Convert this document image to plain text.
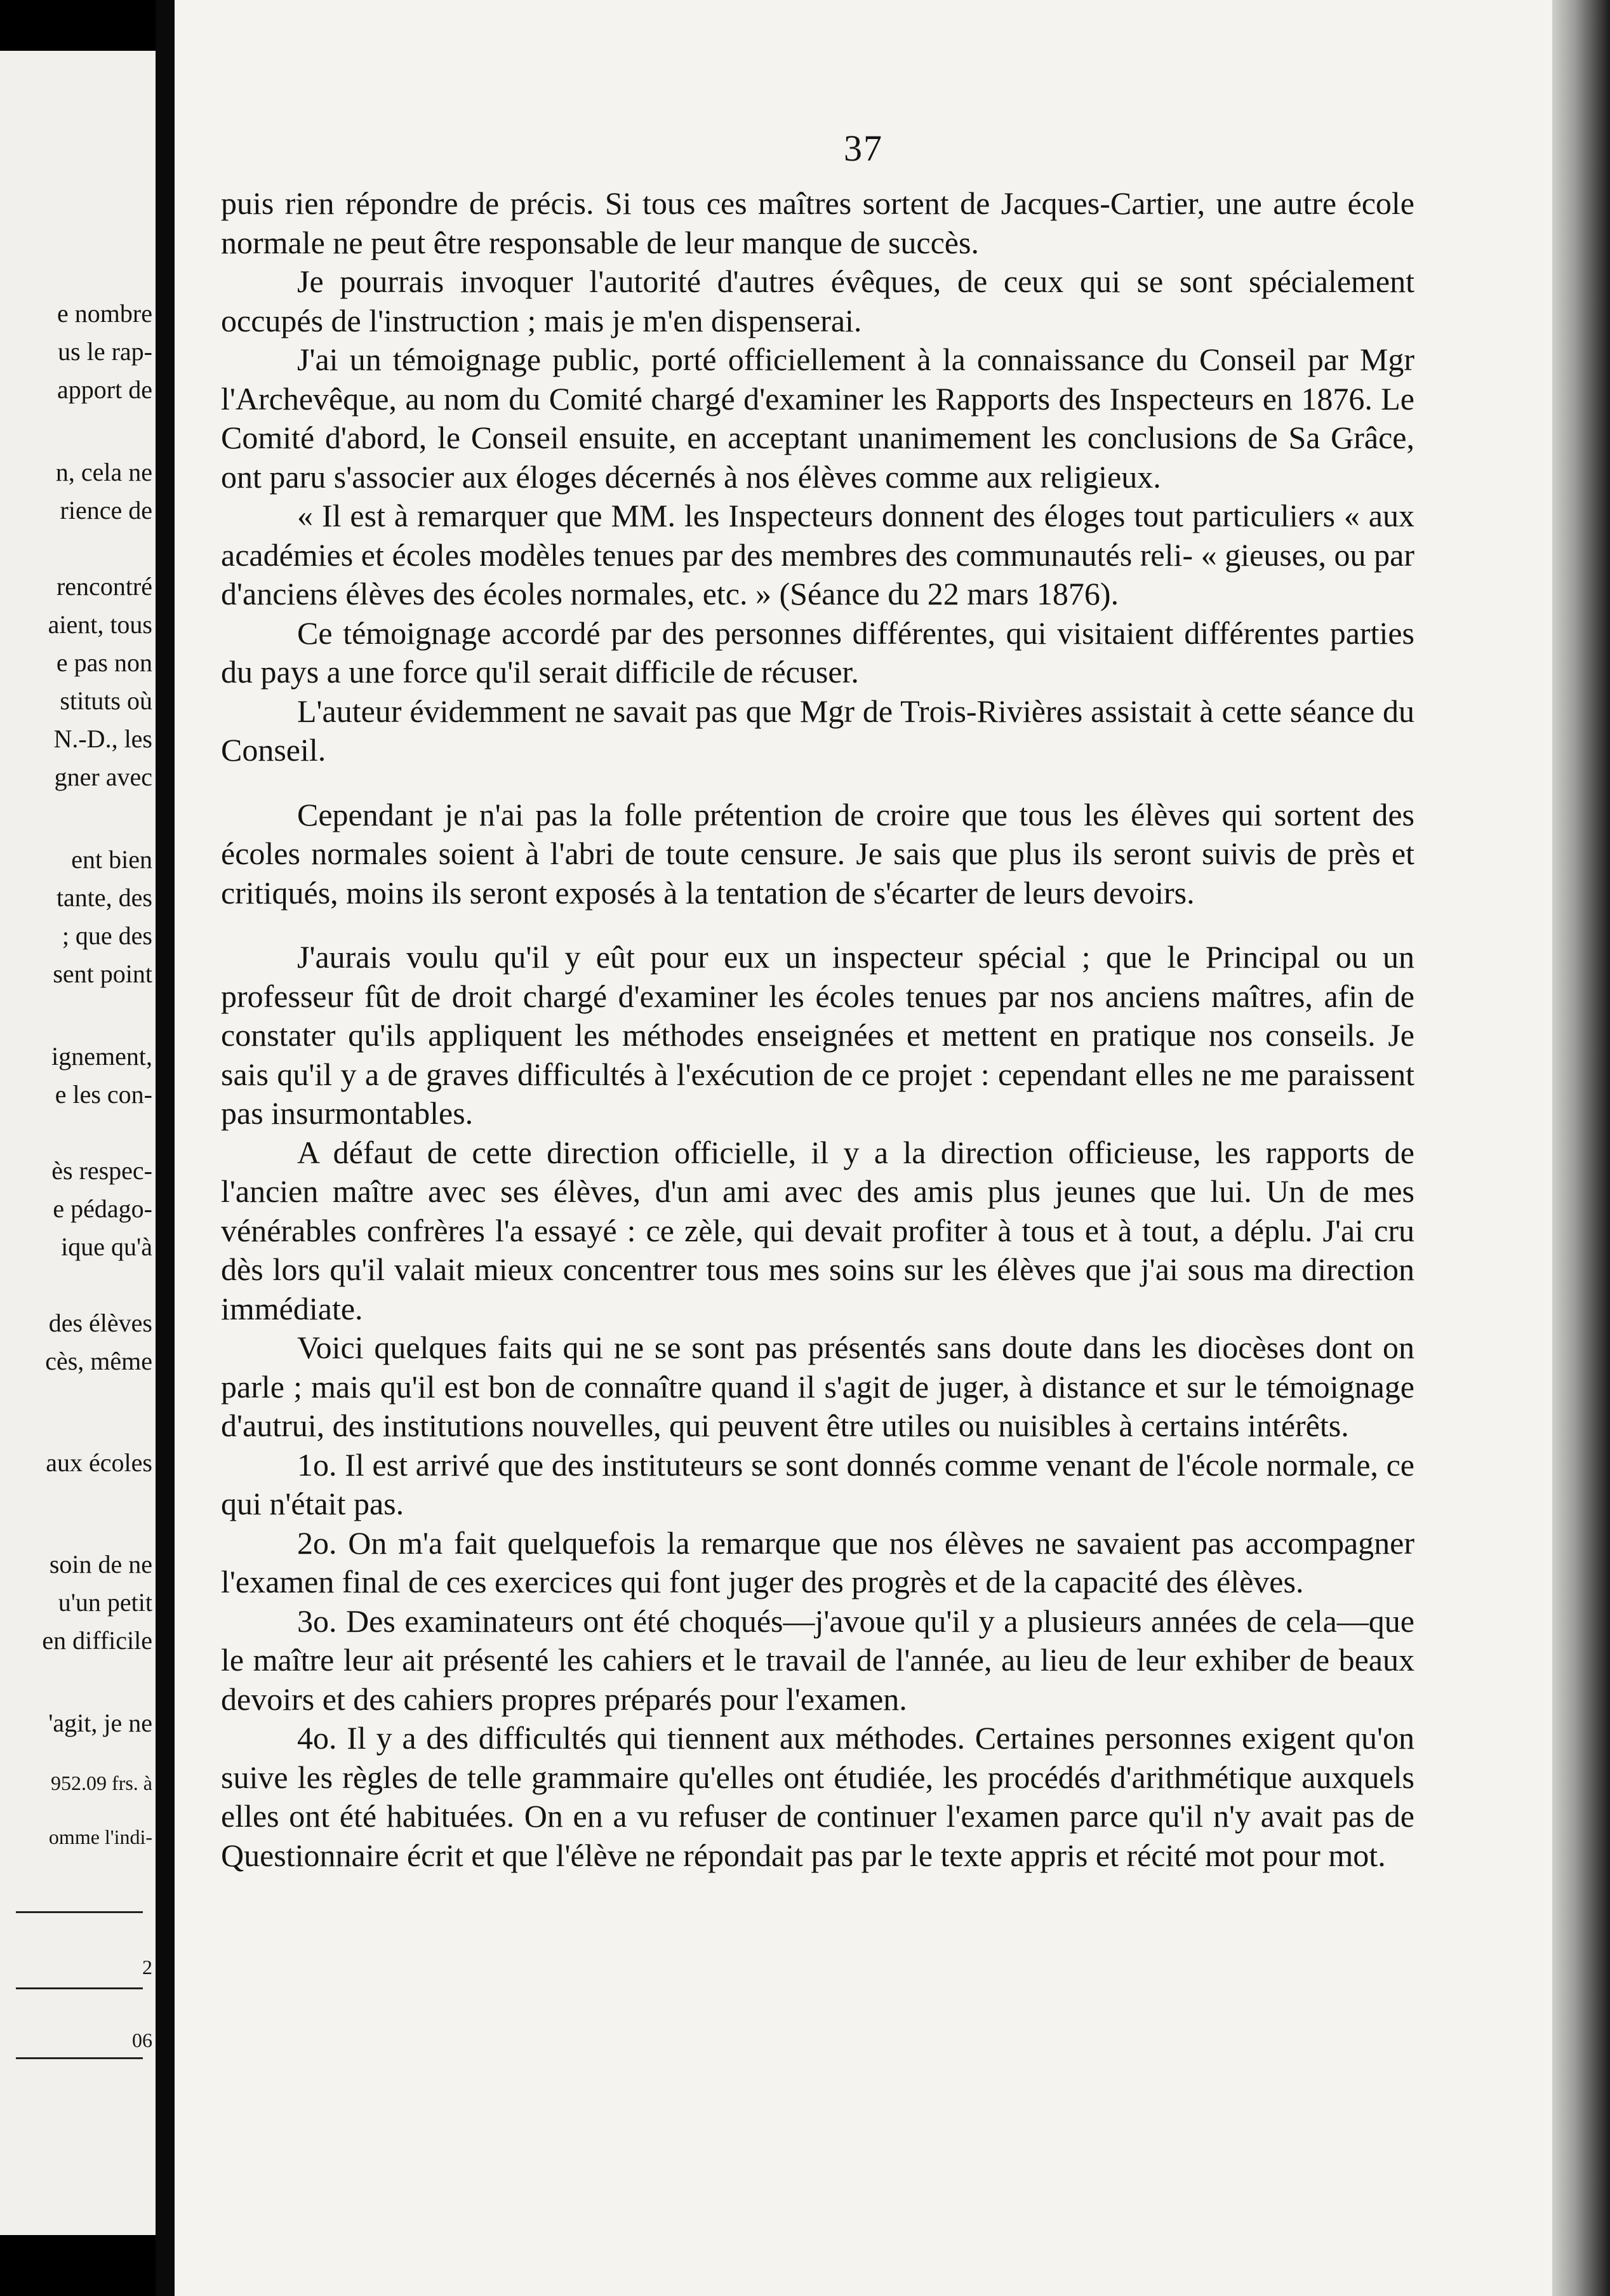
e nombre
us le rap-
apport de
n, cela ne
rience de
rencontré
aient, tous
e pas non
stituts où
N.-D., les
gner avec
ent bien
tante, des
; que des
sent point
ignement,
e les con-
ès respec-
e pédago-
ique qu'à
des élèves
cès, même
aux écoles
soin de ne
u'un petit
en difficile
'agit, je ne
952.09 frs. à
omme l'indi-
2
06
37

puis rien répondre de précis. Si tous ces maîtres sortent de Jacques-Cartier, une autre école normale ne peut être responsable de leur manque de succès.

Je pourrais invoquer l'autorité d'autres évêques, de ceux qui se sont spécialement occupés de l'instruction ; mais je m'en dispenserai.

J'ai un témoignage public, porté officiellement à la connaissance du Conseil par Mgr l'Archevêque, au nom du Comité chargé d'examiner les Rapports des Inspecteurs en 1876. Le Comité d'abord, le Conseil ensuite, en acceptant unanimement les conclusions de Sa Grâce, ont paru s'associer aux éloges décernés à nos élèves comme aux religieux.

« Il est à remarquer que MM. les Inspecteurs donnent des éloges tout particuliers « aux académies et écoles modèles tenues par des membres des communautés reli- « gieuses, ou par d'anciens élèves des écoles normales, etc. » (Séance du 22 mars 1876).

Ce témoignage accordé par des personnes différentes, qui visitaient différentes parties du pays a une force qu'il serait difficile de récuser.

L'auteur évidemment ne savait pas que Mgr de Trois-Rivières assistait à cette séance du Conseil.

Cependant je n'ai pas la folle prétention de croire que tous les élèves qui sortent des écoles normales soient à l'abri de toute censure. Je sais que plus ils seront suivis de près et critiqués, moins ils seront exposés à la tentation de s'écarter de leurs devoirs.

J'aurais voulu qu'il y eût pour eux un inspecteur spécial ; que le Principal ou un professeur fût de droit chargé d'examiner les écoles tenues par nos anciens maîtres, afin de constater qu'ils appliquent les méthodes enseignées et mettent en pratique nos conseils. Je sais qu'il y a de graves difficultés à l'exécution de ce projet : cependant elles ne me paraissent pas insurmontables.

A défaut de cette direction officielle, il y a la direction officieuse, les rapports de l'ancien maître avec ses élèves, d'un ami avec des amis plus jeunes que lui. Un de mes vénérables confrères l'a essayé : ce zèle, qui devait profiter à tous et à tout, a déplu. J'ai cru dès lors qu'il valait mieux concentrer tous mes soins sur les élèves que j'ai sous ma direction immédiate.

Voici quelques faits qui ne se sont pas présentés sans doute dans les diocèses dont on parle ; mais qu'il est bon de connaître quand il s'agit de juger, à distance et sur le témoignage d'autrui, des institutions nouvelles, qui peuvent être utiles ou nuisibles à certains intérêts.

1o. Il est arrivé que des instituteurs se sont donnés comme venant de l'école normale, ce qui n'était pas.

2o. On m'a fait quelquefois la remarque que nos élèves ne savaient pas accompagner l'examen final de ces exercices qui font juger des progrès et de la capacité des élèves.

3o. Des examinateurs ont été choqués—j'avoue qu'il y a plusieurs années de cela—que le maître leur ait présenté les cahiers et le travail de l'année, au lieu de leur exhiber de beaux devoirs et des cahiers propres préparés pour l'examen.

4o. Il y a des difficultés qui tiennent aux méthodes. Certaines personnes exigent qu'on suive les règles de telle grammaire qu'elles ont étudiée, les procédés d'arithmétique auxquels elles ont été habituées. On en a vu refuser de continuer l'examen parce qu'il n'y avait pas de Questionnaire écrit et que l'élève ne répondait pas par le texte appris et récité mot pour mot.
